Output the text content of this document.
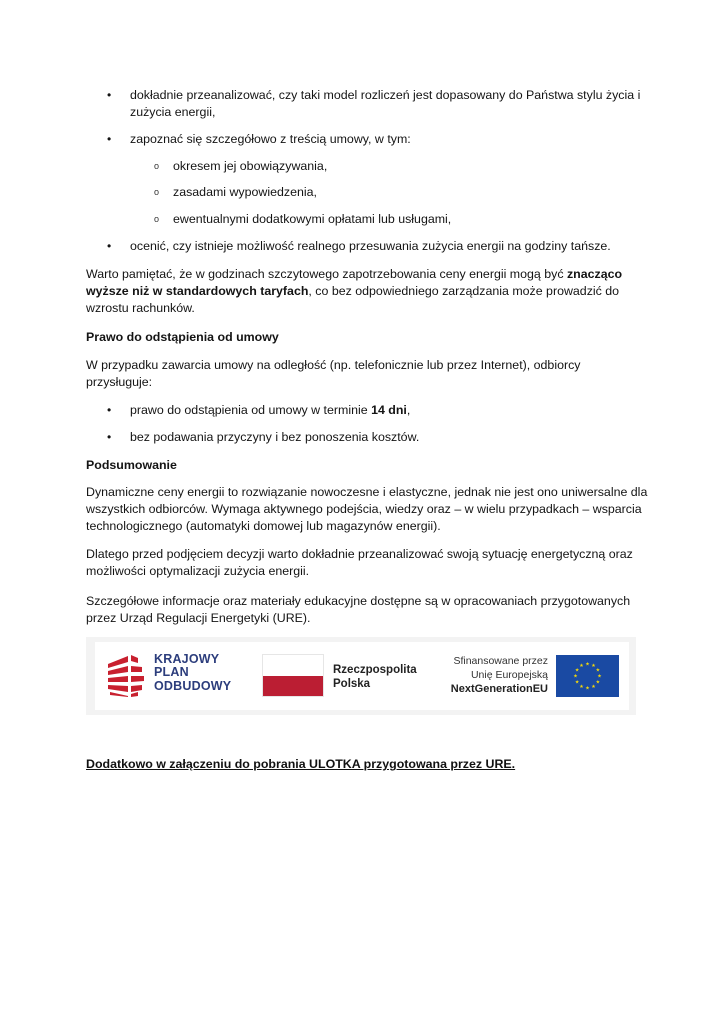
• dokładnie przeanalizować, czy taki model rozliczeń jest dopasowany do Państwa stylu życia i
zużycia energii,
• zapoznać się szczegółowo z treścią umowy, w tym:
o okresem jej obowiązywania,
o zasadami wypowiedzenia,
o ewentualnymi dodatkowymi opłatami lub usługami,
• ocenić, czy istnieje możliwość realnego przesuwania zużycia energii na godziny tańsze.
Warto pamiętać, że w godzinach szczytowego zapotrzebowania ceny energii mogą być znacząco
wyższe niż w standardowych taryfach, co bez odpowiedniego zarządzania może prowadzić do
wzrostu rachunków.
Prawo do odstąpienia od umowy
W przypadku zawarcia umowy na odległość (np. telefonicznie lub przez Internet), odbiorcy
przysługuje:
• prawo do odstąpienia od umowy w terminie 14 dni,
• bez podawania przyczyny i bez ponoszenia kosztów.
Podsumowanie
Dynamiczne ceny energii to rozwiązanie nowoczesne i elastyczne, jednak nie jest ono uniwersalne dla
wszystkich odbiorców. Wymaga aktywnego podejścia, wiedzy oraz – w wielu przypadkach – wsparcia
technologicznego (automatyki domowej lub magazynów energii).
Dlatego przed podjęciem decyzji warto dokładnie przeanalizować swoją sytuację energetyczną oraz
możliwości optymalizacji zużycia energii.
Szczegółowe informacje oraz materiały edukacyjne dostępne są w opracowaniach przygotowanych
przez Urząd Regulacji Energetyki (URE).
KRAJOWY
PLAN
ODBUDOWY
Rzeczpospolita
Polska
Sfinansowane przez
Unię Europejską
NextGenerationEU
★ ★
★
★
★
★
★
★
★
★
★
★
Dodatkowo w załączeniu do pobrania ULOTKA przygotowana przez URE.
